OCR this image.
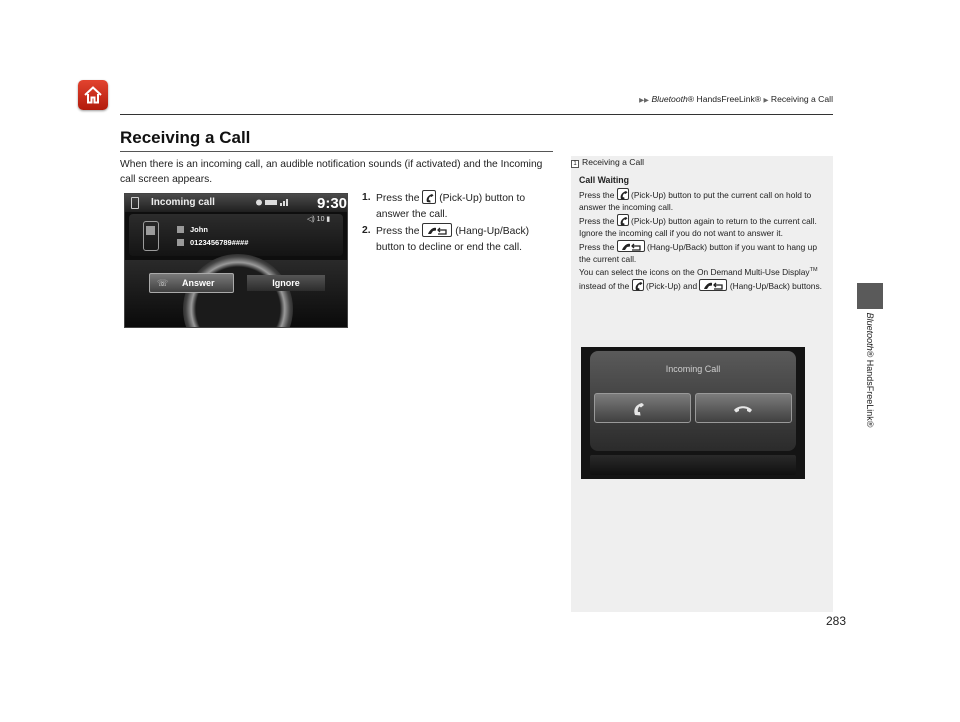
▶▶ Bluetooth® HandsFreeLink® ▶ Receiving a Call
Receiving a Call

When there is an incoming call, an audible notification sounds (if activated) and the Incoming call screen appears.

1. Press the (Pick-Up) button to answer the call.
2. Press the	(Hang-Up/Back) button to decline or end the call.
Incoming call	9:30
◁) 10 ▮
John
0123456789####
☏ Answer	Ignore
1 Receiving a Call
Call Waiting
Press the (Pick-Up) button to put the current call on hold to answer the incoming call.
Press the (Pick-Up) button again to return to the current call.
Ignore the incoming call if you do not want to answer it.
Press the	(Hang-Up/Back) button if you want to hang up the current call.
You can select the icons on the On Demand Multi-Use Display™ instead of the (Pick-Up) and	(Hang-Up/Back) buttons.
Incoming Call
Bluetooth® HandsFreeLink®
283
